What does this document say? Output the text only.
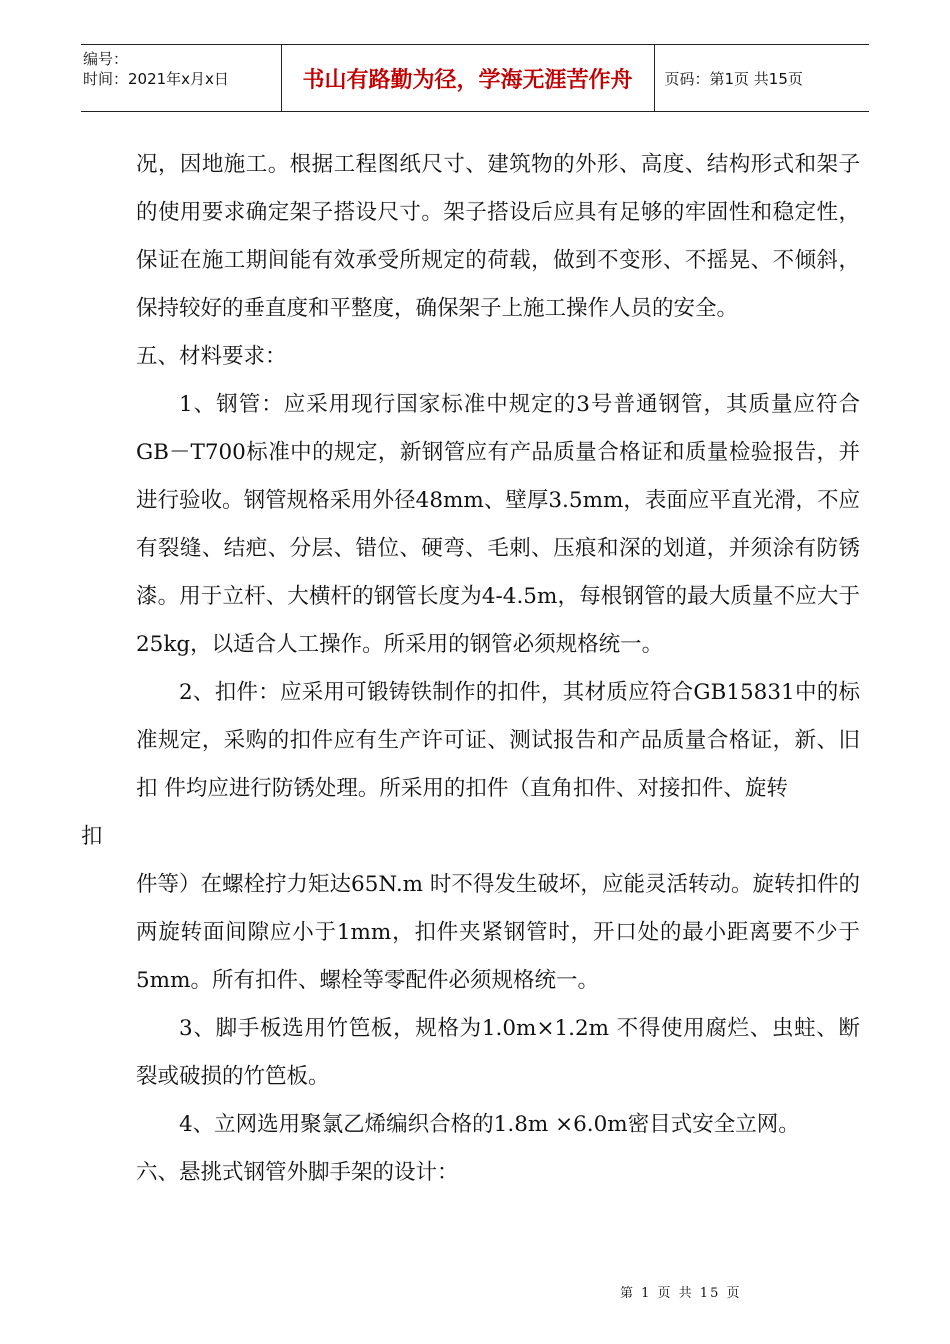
编号：
时间：2021年x月x日	书山有路勤为径，学海无涯苦作舟	页码：第1页 共15页

况，因地施工。根据工程图纸尺寸、建筑物的外形、高度、结构形式和架子的使用要求确定架子搭设尺寸。架子搭设后应具有足够的牢固性和稳定性，保证在施工期间能有效承受所规定的荷载，做到不变形、不摇晃、不倾斜，保持较好的垂直度和平整度，确保架子上施工操作人员的安全。

五、材料要求：

1、钢管：应采用现行国家标准中规定的3号普通钢管，其质量应符合GB－T700标准中的规定，新钢管应有产品质量合格证和质量检验报告，并进行验收。钢管规格采用外径48mm、壁厚3.5mm，表面应平直光滑，不应有裂缝、结疤、分层、错位、硬弯、毛刺、压痕和深的划道，并须涂有防锈漆。用于立杆、大横杆的钢管长度为4-4.5m，每根钢管的最大质量不应大于25kg，以适合人工操作。所采用的钢管必须规格统一。

2、扣件：应采用可锻铸铁制作的扣件，其材质应符合GB15831中的标准规定，采购的扣件应有生产许可证、测试报告和产品质量合格证，新、旧扣 件均应进行防锈处理。所采用的扣件（直角扣件、对接扣件、旋转

扣

件等）在螺栓拧力矩达65N.m 时不得发生破坏，应能灵活转动。旋转扣件的 两旋转面间隙应小于1mm，扣件夹紧钢管时，开口处的最小距离要不少于5mm。所有扣件、螺栓等零配件必须规格统一。

3、脚手板选用竹笆板，规格为1.0m×1.2m 不得使用腐烂、虫蛀、断裂或破损的竹笆板。

4、立网选用聚氯乙烯编织合格的1.8m ×6.0m密目式安全立网。

六、悬挑式钢管外脚手架的设计：

第 1 页 共 15 页
